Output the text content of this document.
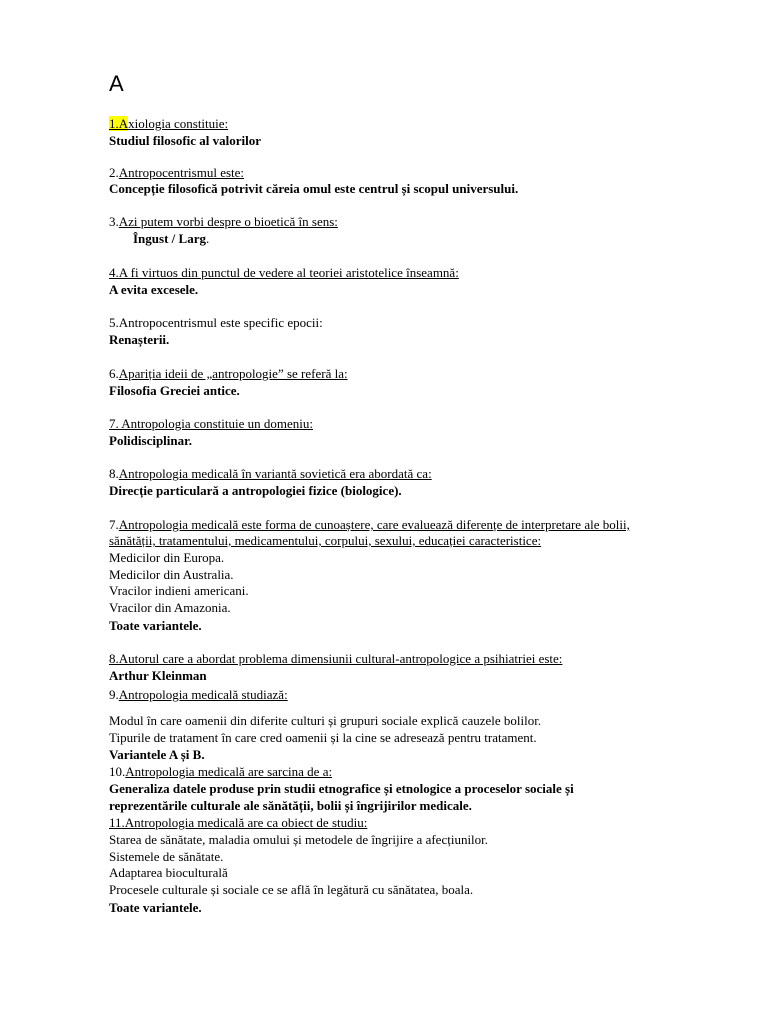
A

1.Axiologia constituie:

Studiul filosofic al valorilor

2.Antropocentrismul este:

Concepție filosofică potrivit căreia omul este centrul și scopul universului.

3.Azi putem vorbi despre o bioetică în sens:

Îngust / Larg.

4.A fi virtuos din punctul de vedere al teoriei aristotelice înseamnă:

A evita excesele.

5.Antropocentrismul este specific epocii:

Renașterii.

6.Apariția ideii de „antropologie” se referă la:

Filosofia Greciei antice.

7. Antropologia constituie un domeniu:

Polidisciplinar.

8.Antropologia medicală în variantă sovietică era abordată ca:

Direcție particulară a antropologiei fizice (biologice).

7.Antropologia medicală este forma de cunoaștere, care evaluează diferențe de interpretare ale bolii,

sănătății, tratamentului, medicamentului, corpului, sexului, educației caracteristice:

Medicilor din Europa.

Medicilor din Australia.

Vracilor indieni americani.

Vracilor din Amazonia.

Toate variantele.

8.Autorul care a abordat problema dimensiunii cultural-antropologice a psihiatriei este:

Arthur Kleinman

9.Antropologia medicală studiază:

Modul în care oamenii din diferite culturi și grupuri sociale explică cauzele bolilor.

Tipurile de tratament în care cred oamenii și la cine se adresează pentru tratament.

Variantele A și B.

10.Antropologia medicală are sarcina de a:

Generaliza datele produse prin studii etnografice și etnologice a proceselor sociale și

reprezentările culturale ale sănătății, bolii și îngrijirilor medicale.

11.Antropologia medicală are ca obiect de studiu:

Starea de sănătate, maladia omului și metodele de îngrijire a afecțiunilor.

Sistemele de sănătate.

Adaptarea bioculturală

Procesele culturale și sociale ce se află în legătură cu sănătatea, boala.

Toate variantele.
